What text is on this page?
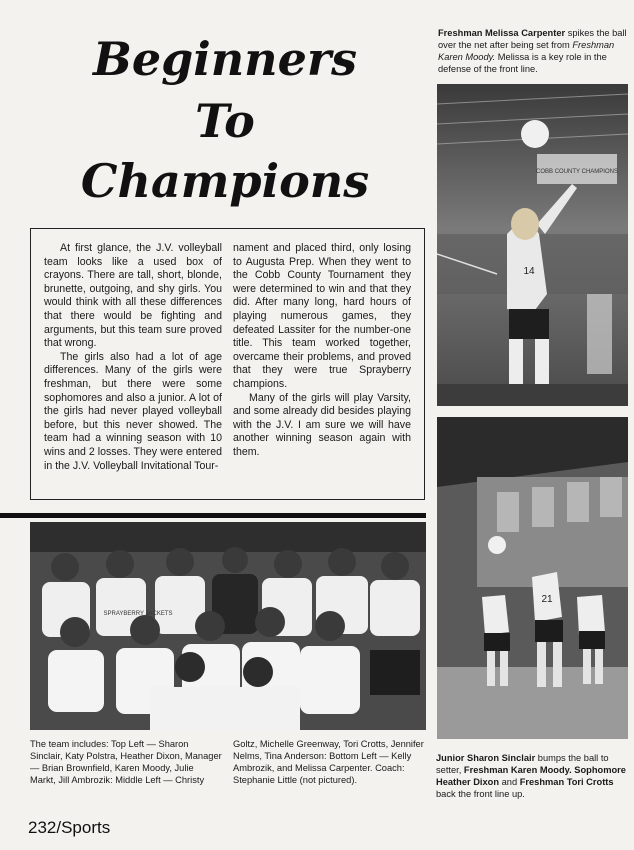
Beginners
To
Champions

At first glance, the J.V. volleyball team looks like a used box of crayons. There are tall, short, blonde, brunette, outgoing, and shy girls. You would think with all these differences that there would be fighting and arguments, but this team sure proved that wrong.

The girls also had a lot of age differences. Many of the girls were freshman, but there were some sophomores and also a junior. A lot of the girls had never played volleyball before, but this never showed. The team had a winning season with 10 wins and 2 losses. They were entered in the J.V. Volleyball Invitational Tour-

nament and placed third, only losing to Augusta Prep. When they went to the Cobb County Tournament they were determined to win and that they did. After many long, hard hours of playing numerous games, they defeated Lassiter for the number-one title. This team worked together, overcame their problems, and proved that they were true Sprayberry champions.

Many of the girls will play Varsity, and some already did besides playing with the J.V. I am sure we will have another winning season again with them.

Freshman Melissa Carpenter spikes the ball over the net after being set from Freshman Karen Moody. Melissa is a key role in the defense of the front line.

COBB COUNTY CHAMPIONS
14
21

Junior Sharon Sinclair bumps the ball to setter, Freshman Karen Moody. Sophomore Heather Dixon and Freshman Tori Crotts back the front line up.

SPRAYBERRY JACKETS

The team includes: Top Left — Sharon Sinclair, Katy Polstra, Heather Dixon, Manager — Brian Brownfield, Karen Moody, Julie Markt, Jill Ambrozik: Middle Left — Christy

Goltz, Michelle Greenway, Tori Crotts, Jennifer Nelms, Tina Anderson: Bottom Left — Kelly Ambrozik, and Melissa Carpenter. Coach: Stephanie Little (not pictured).

232/Sports
